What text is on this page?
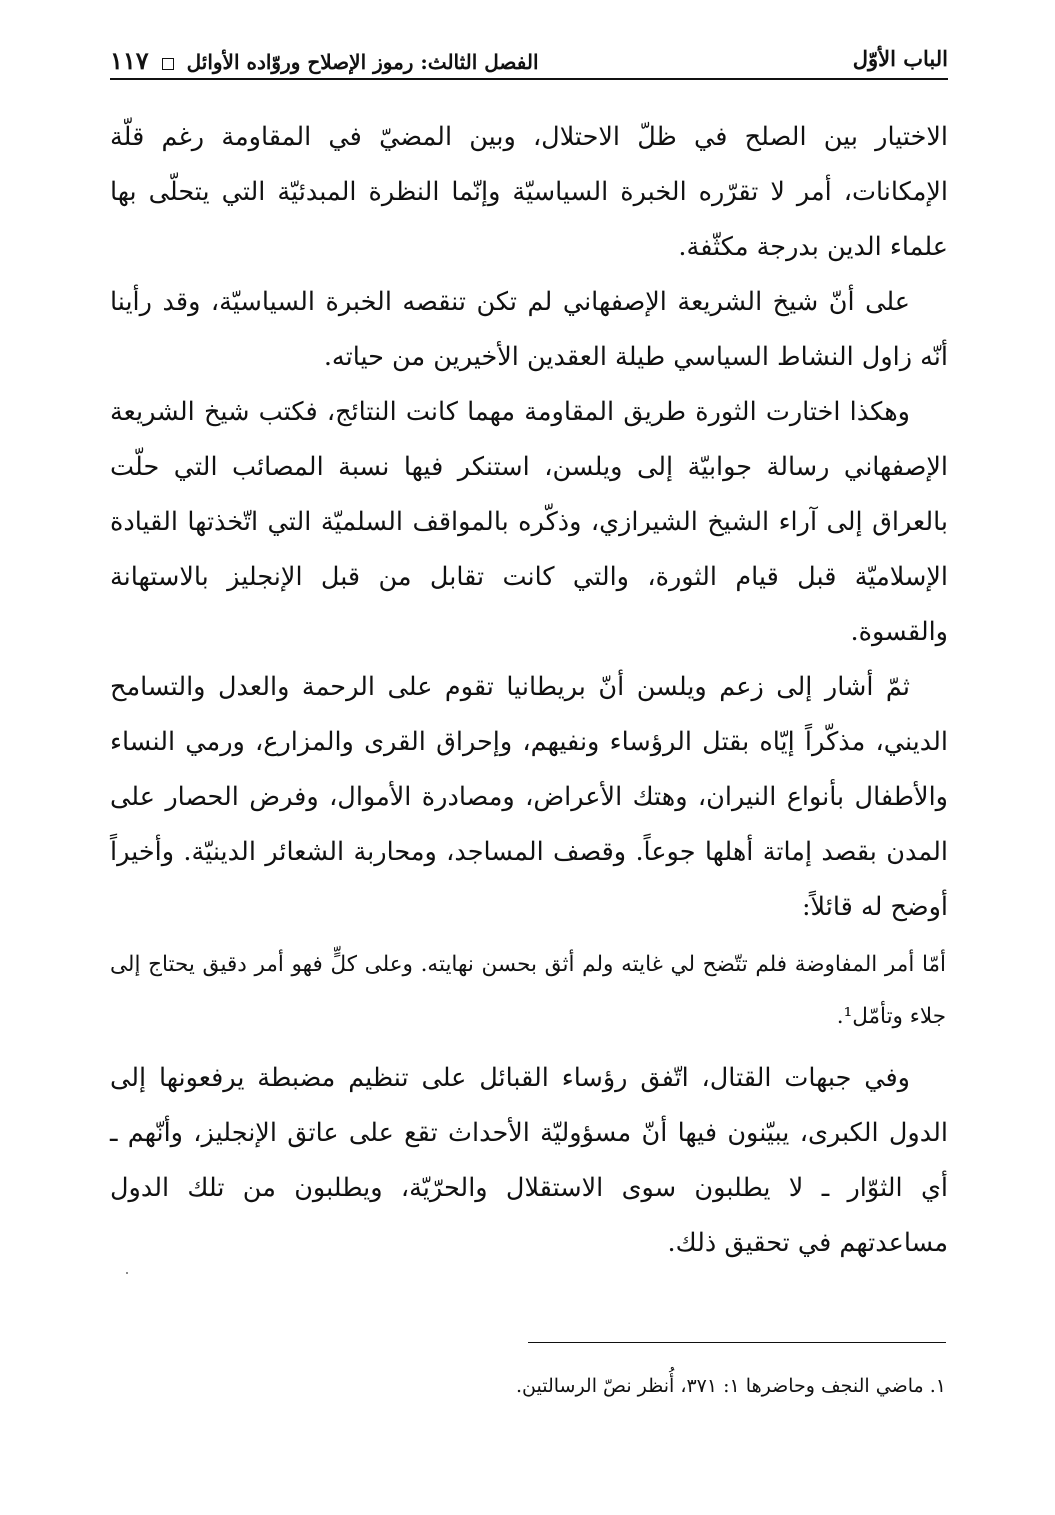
الباب الأوّل
الفصل الثالث: رموز الإصلاح وروّاده الأوائل  ١١٧

الاختيار بين الصلح في ظلّ الاحتلال، وبين المضيّ في المقاومة رغم قلّة الإمكانات، أمر لا تقرّره الخبرة السياسيّة وإنّما النظرة المبدئيّة التي يتحلّى بها علماء الدين بدرجة مكثّفة.

على أنّ شيخ الشريعة الإصفهاني لم تكن تنقصه الخبرة السياسيّة، وقد رأينا أنّه زاول النشاط السياسي طيلة العقدين الأخيرين من حياته.

وهكذا اختارت الثورة طريق المقاومة مهما كانت النتائج، فكتب شيخ الشريعة الإصفهاني رسالة جوابيّة إلى ويلسن، استنكر فيها نسبة المصائب التي حلّت بالعراق إلى آراء الشيخ الشيرازي، وذكّره بالمواقف السلميّة التي اتّخذتها القيادة الإسلاميّة قبل قيام الثورة، والتي كانت تقابل من قبل الإنجليز بالاستهانة والقسوة.

ثمّ أشار إلى زعم ويلسن أنّ بريطانيا تقوم على الرحمة والعدل والتسامح الديني، مذكّراً إيّاه بقتل الرؤساء ونفيهم، وإحراق القرى والمزارع، ورمي النساء والأطفال بأنواع النيران، وهتك الأعراض، ومصادرة الأموال، وفرض الحصار على المدن بقصد إماتة أهلها جوعاً. وقصف المساجد، ومحاربة الشعائر الدينيّة. وأخيراً أوضح له قائلاً:

أمّا أمر المفاوضة فلم تتّضح لي غايته ولم أثق بحسن نهايته. وعلى كلٍّ فهو أمر دقيق يحتاج إلى جلاء وتأمّل¹.

وفي جبهات القتال، اتّفق رؤساء القبائل على تنظيم مضبطة يرفعونها إلى الدول الكبرى، يبيّنون فيها أنّ مسؤوليّة الأحداث تقع على عاتق الإنجليز، وأنّهم ـ أي الثوّار ـ لا يطلبون سوى الاستقلال والحرّيّة، ويطلبون من تلك الدول مساعدتهم في تحقيق ذلك.

١. ماضي النجف وحاضرها ١: ٣٧١، أُنظر نصّ الرسالتين.
